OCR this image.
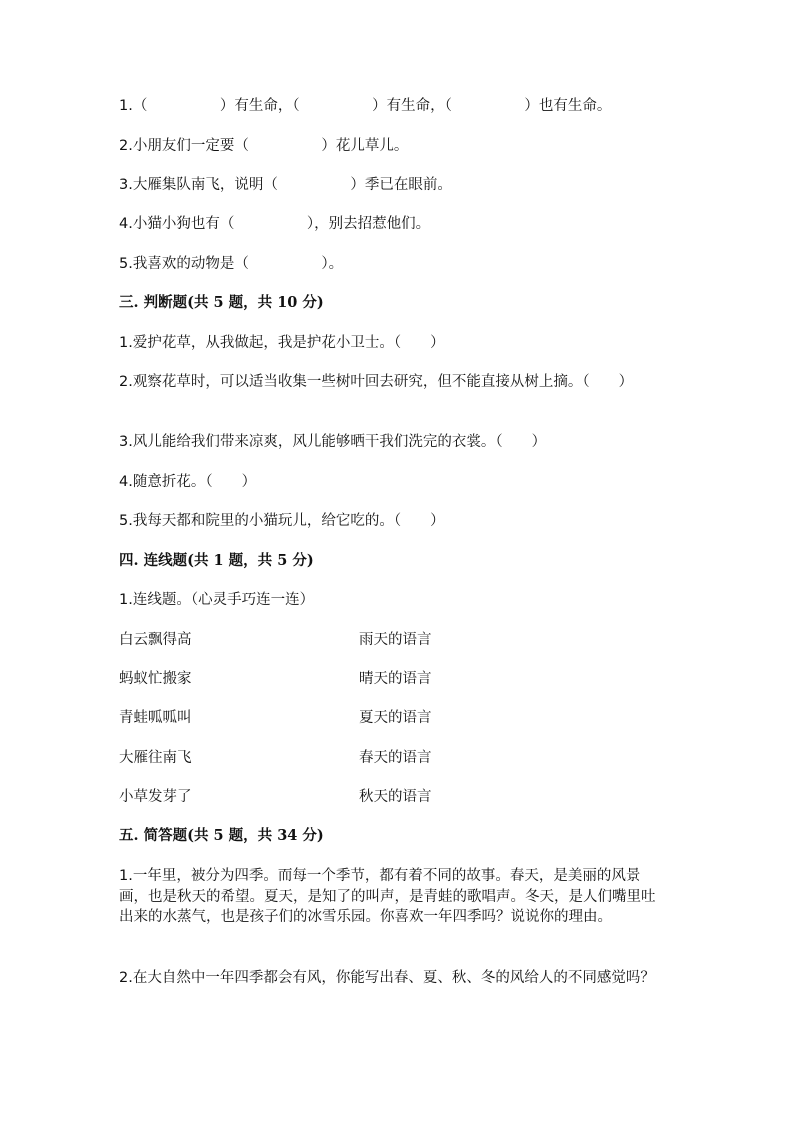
1.（　　　　　）有生命，（　　　　　）有生命，（　　　　　）也有生命。
2.小朋友们一定要（　　　　　）花儿草儿。
3.大雁集队南飞，说明（　　　　　）季已在眼前。
4.小猫小狗也有（　　　　　），别去招惹他们。
5.我喜欢的动物是（　　　　　）。
三. 判断题(共 5 题，共 10 分)
1.爱护花草，从我做起，我是护花小卫士。（　　）
2.观察花草时，可以适当收集一些树叶回去研究，但不能直接从树上摘。（　　）
3.风儿能给我们带来凉爽，风儿能够晒干我们洗完的衣裳。（　　）
4.随意折花。（　　）
5.我每天都和院里的小猫玩儿，给它吃的。（　　）
四. 连线题(共 1 题，共 5 分)
1.连线题。（心灵手巧连一连）
白云飘得高	雨天的语言
蚂蚁忙搬家	晴天的语言
青蛙呱呱叫	夏天的语言
大雁往南飞	春天的语言
小草发芽了	秋天的语言
五. 简答题(共 5 题，共 34 分)
1.一年里，被分为四季。而每一个季节，都有着不同的故事。春天，是美丽的风景画，也是秋天的希望。夏天，是知了的叫声，是青蛙的歌唱声。冬天，是人们嘴里吐出来的水蒸气，也是孩子们的冰雪乐园。你喜欢一年四季吗？说说你的理由。
2.在大自然中一年四季都会有风，你能写出春、夏、秋、冬的风给人的不同感觉吗？
